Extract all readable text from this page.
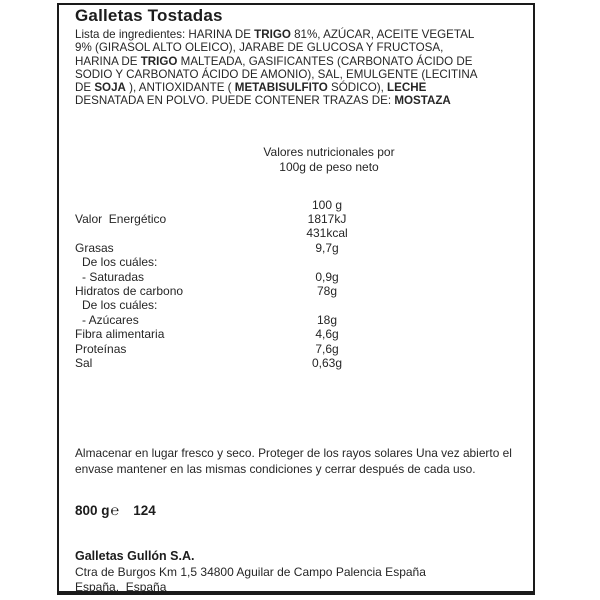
Galletas Tostadas
Lista de ingredientes: HARINA DE TRIGO 81%, AZÚCAR, ACEITE VEGETAL
9% (GIRASOL ALTO OLEICO), JARABE DE GLUCOSA Y FRUCTOSA,
HARINA DE TRIGO MALTEADA, GASIFICANTES (CARBONATO ÁCIDO DE
SODIO Y CARBONATO ÁCIDO DE AMONIO), SAL, EMULGENTE (LECITINA
DE SOJA ), ANTIOXIDANTE ( METABISULFITO SÓDICO), LECHE
DESNATADA EN POLVO. PUEDE CONTENER TRAZAS DE: MOSTAZA
Valores nutricionales por
100g de peso neto
100 g
Valor  Energético	1817kJ
431kcal
Grasas	9,7g
De los cuáles:
- Saturadas	0,9g
Hidratos de carbono	78g
De los cuáles:
- Azúcares	18g
Fibra alimentaria	4,6g
Proteínas	7,6g
Sal	0,63g

Almacenar en lugar fresco y seco. Proteger de los rayos solares Una vez abierto el envase mantener en las mismas condiciones y cerrar después de cada uso.

800 g℮ 124
Galletas Gullón S.A.
Ctra de Burgos Km 1,5 34800 Aguilar de Campo Palencia España
España,  España
